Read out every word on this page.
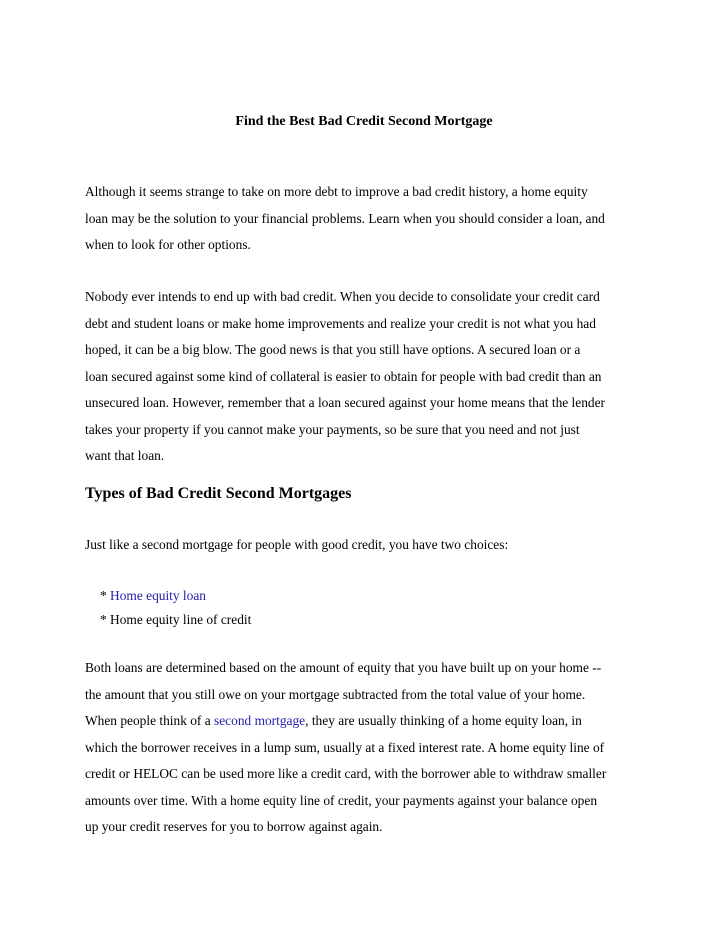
Find the Best Bad Credit Second Mortgage

Although it seems strange to take on more debt to improve a bad credit history, a home equity
loan may be the solution to your financial problems. Learn when you should consider a loan, and
when to look for other options.

Nobody ever intends to end up with bad credit. When you decide to consolidate your credit card
debt and student loans or make home improvements and realize your credit is not what you had
hoped, it can be a big blow. The good news is that you still have options. A secured loan or a
loan secured against some kind of collateral is easier to obtain for people with bad credit than an
unsecured loan. However, remember that a loan secured against your home means that the lender
takes your property if you cannot make your payments, so be sure that you need and not just
want that loan.

Types of Bad Credit Second Mortgages

Just like a second mortgage for people with good credit, you have two choices:

* Home equity loan
* Home equity line of credit

Both loans are determined based on the amount of equity that you have built up on your home --
the amount that you still owe on your mortgage subtracted from the total value of your home.
When people think of a second mortgage, they are usually thinking of a home equity loan, in
which the borrower receives in a lump sum, usually at a fixed interest rate. A home equity line of
credit or HELOC can be used more like a credit card, with the borrower able to withdraw smaller
amounts over time. With a home equity line of credit, your payments against your balance open
up your credit reserves for you to borrow against again.
